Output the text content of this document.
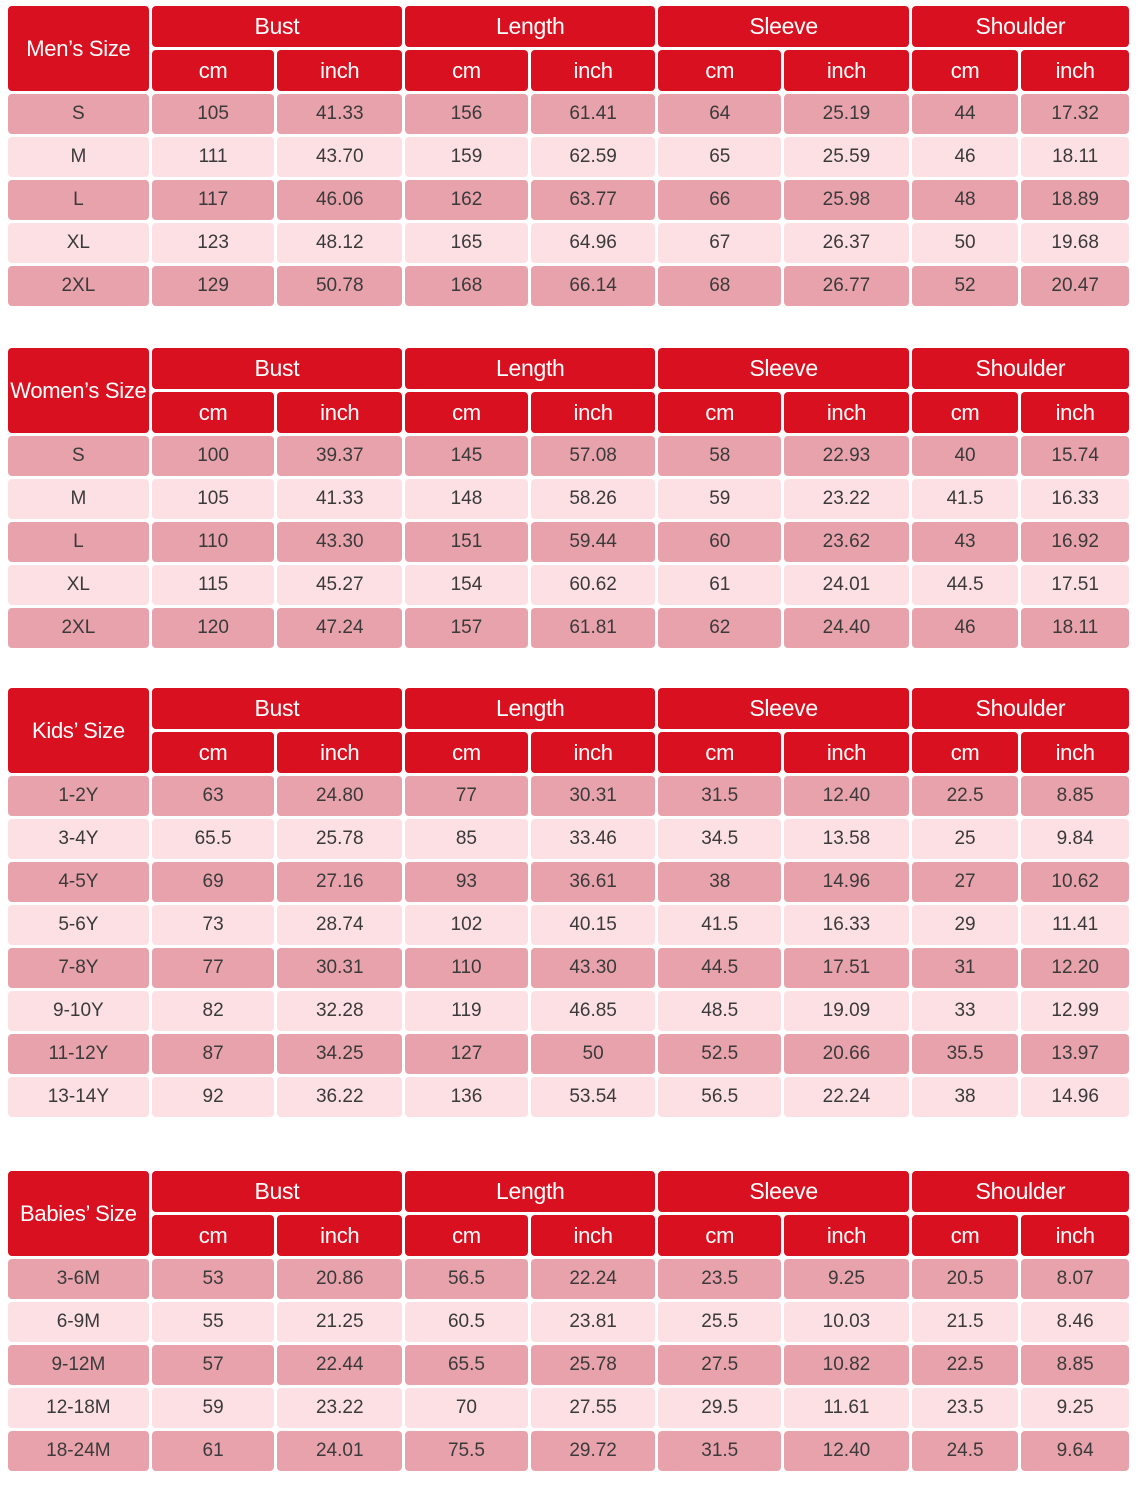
Men’s Size	Bust		Length		Sleeve		Shoulder	
	cm	inch	cm	inch	cm	inch	cm	inch
S	105	41.33	156	61.41	64	25.19	44	17.32
M	111	43.70	159	62.59	65	25.59	46	18.11
L	117	46.06	162	63.77	66	25.98	48	18.89
XL	123	48.12	165	64.96	67	26.37	50	19.68
2XL	129	50.78	168	66.14	68	26.77	52	20.47
Women’s Size	Bust		Length		Sleeve		Shoulder	
	cm	inch	cm	inch	cm	inch	cm	inch
S	100	39.37	145	57.08	58	22.93	40	15.74
M	105	41.33	148	58.26	59	23.22	41.5	16.33
L	110	43.30	151	59.44	60	23.62	43	16.92
XL	115	45.27	154	60.62	61	24.01	44.5	17.51
2XL	120	47.24	157	61.81	62	24.40	46	18.11
Kids’ Size	Bust		Length		Sleeve		Shoulder	
	cm	inch	cm	inch	cm	inch	cm	inch
1-2Y	63	24.80	77	30.31	31.5	12.40	22.5	8.85
3-4Y	65.5	25.78	85	33.46	34.5	13.58	25	9.84
4-5Y	69	27.16	93	36.61	38	14.96	27	10.62
5-6Y	73	28.74	102	40.15	41.5	16.33	29	11.41
7-8Y	77	30.31	110	43.30	44.5	17.51	31	12.20
9-10Y	82	32.28	119	46.85	48.5	19.09	33	12.99
11-12Y	87	34.25	127	50	52.5	20.66	35.5	13.97
13-14Y	92	36.22	136	53.54	56.5	22.24	38	14.96
Babies’ Size	Bust		Length		Sleeve		Shoulder	
	cm	inch	cm	inch	cm	inch	cm	inch
3-6M	53	20.86	56.5	22.24	23.5	9.25	20.5	8.07
6-9M	55	21.25	60.5	23.81	25.5	10.03	21.5	8.46
9-12M	57	22.44	65.5	25.78	27.5	10.82	22.5	8.85
12-18M	59	23.22	70	27.55	29.5	11.61	23.5	9.25
18-24M	61	24.01	75.5	29.72	31.5	12.40	24.5	9.64
